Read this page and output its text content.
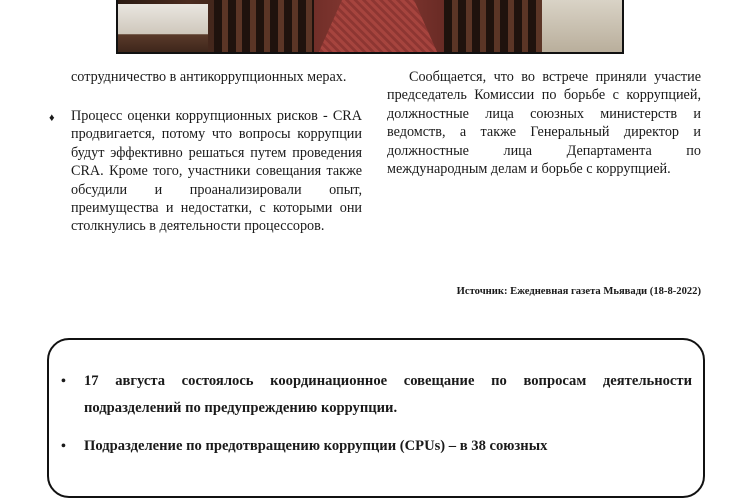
сотрудничество в антикоррупционных мерах.
♦ Процесс оценки коррупционных рисков - CRA продвигается, потому что вопросы коррупции будут эффективно решаться путем проведения CRA. Кроме того, участники совещания также обсудили и проанализировали опыт, преимущества и недостатки, с которыми они столкнулись в деятельности процессоров.
Сообщается, что во встрече приняли участие председатель Комиссии по борьбе с коррупцией, должностные лица союзных министерств и ведомств, а также Генеральный директор и должностные лица Департамента по международным делам и борьбе с коррупцией.
Источник: Ежедневная газета Мьявади (18-8-2022)
• 17 августа состоялось координационное совещание по вопросам деятельности подразделений по предупреждению коррупции.
• Подразделение по предотвращению коррупции (CPUs) – в 38 союзных
